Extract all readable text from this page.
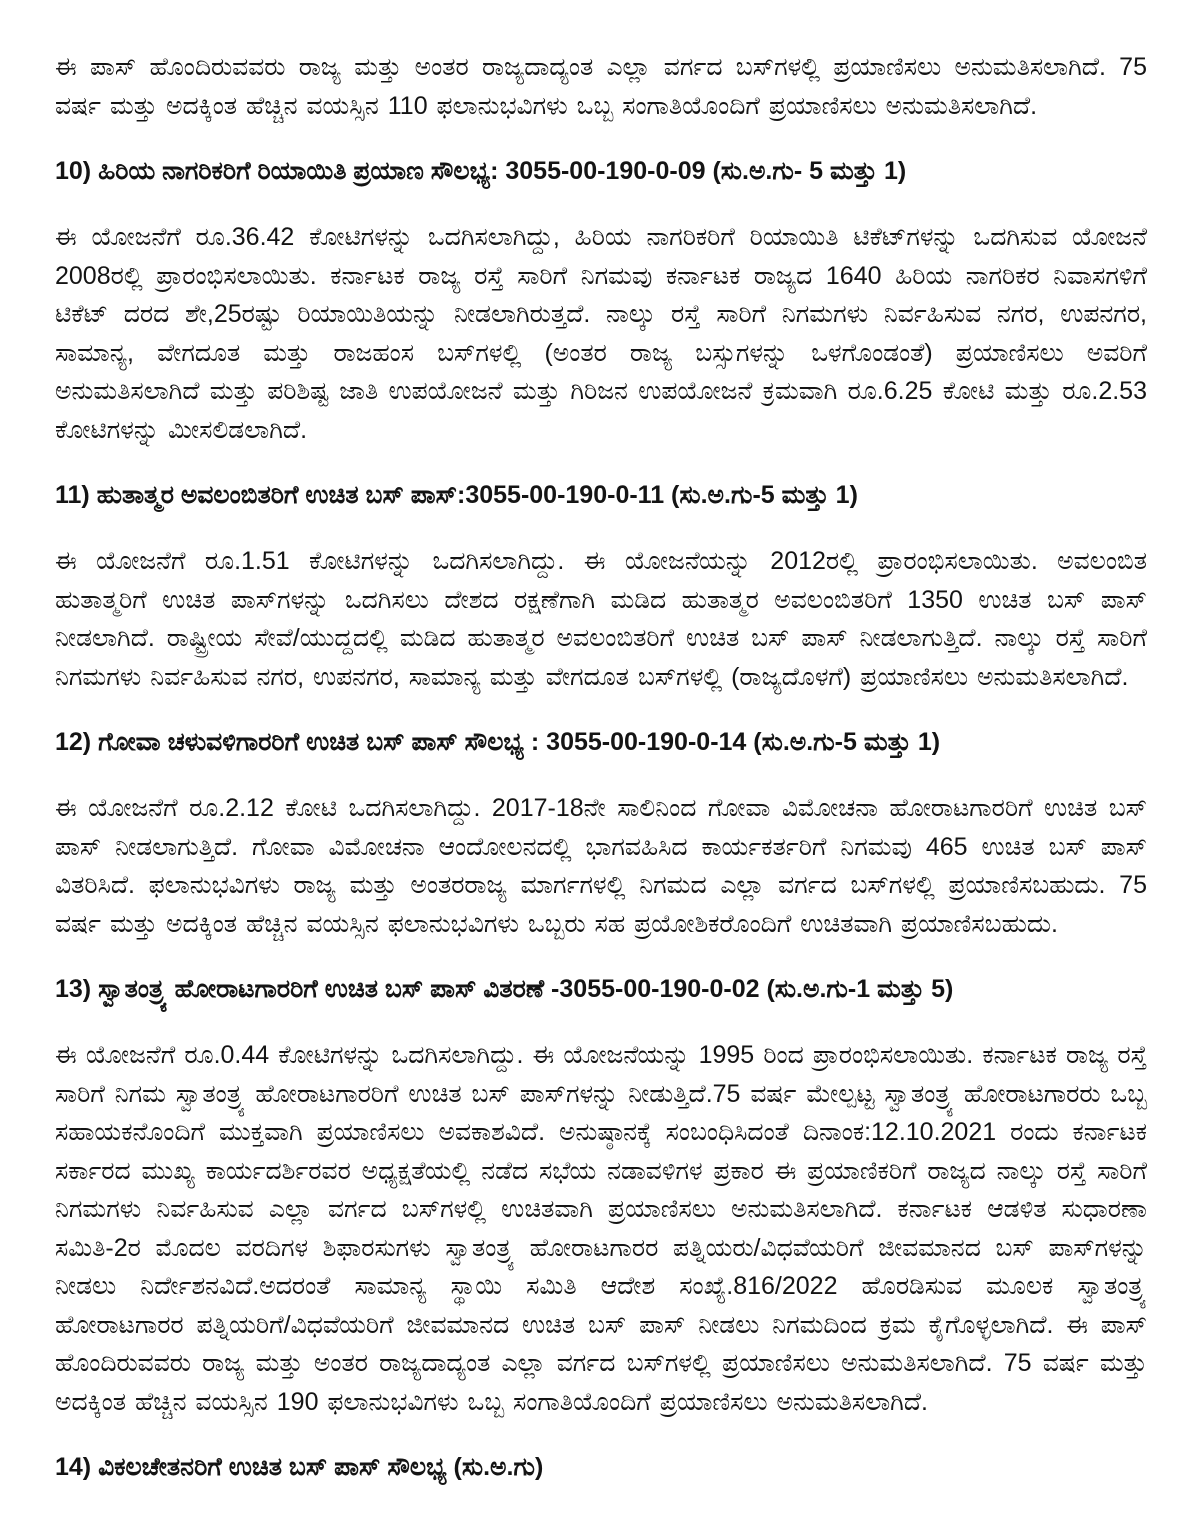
ಈ ಪಾಸ್ ಹೊಂದಿರುವವರು ರಾಜ್ಯ ಮತ್ತು ಅಂತರ ರಾಜ್ಯದಾದ್ಯಂತ ಎಲ್ಲಾ ವರ್ಗದ ಬಸ್‌ಗಳಲ್ಲಿ ಪ್ರಯಾಣಿಸಲು ಅನುಮತಿಸಲಾಗಿದೆ. 75 ವರ್ಷ ಮತ್ತು ಅದಕ್ಕಿಂತ ಹೆಚ್ಚಿನ ವಯಸ್ಸಿನ 110 ಫಲಾನುಭವಿಗಳು ಒಬ್ಬ ಸಂಗಾತಿಯೊಂದಿಗೆ ಪ್ರಯಾಣಿಸಲು ಅನುಮತಿಸಲಾಗಿದೆ.

10) ಹಿರಿಯ ನಾಗರಿಕರಿಗೆ ರಿಯಾಯಿತಿ ಪ್ರಯಾಣ ಸೌಲಭ್ಯ: 3055-00-190-0-09 (ಸು.ಅ.ಗು- 5 ಮತ್ತು 1)

ಈ ಯೋಜನೆಗೆ ರೂ.36.42 ಕೋಟಿಗಳನ್ನು ಒದಗಿಸಲಾಗಿದ್ದು, ಹಿರಿಯ ನಾಗರಿಕರಿಗೆ ರಿಯಾಯಿತಿ ಟಿಕೆಟ್‌ಗಳನ್ನು ಒದಗಿಸುವ ಯೋಜನೆ 2008ರಲ್ಲಿ ಪ್ರಾರಂಭಿಸಲಾಯಿತು. ಕರ್ನಾಟಕ ರಾಜ್ಯ ರಸ್ತೆ ಸಾರಿಗೆ ನಿಗಮವು ಕರ್ನಾಟಕ ರಾಜ್ಯದ 1640 ಹಿರಿಯ ನಾಗರಿಕರ ನಿವಾಸಗಳಿಗೆ ಟಿಕೆಟ್ ದರದ ಶೇ,25ರಷ್ಟು ರಿಯಾಯಿತಿಯನ್ನು ನೀಡಲಾಗಿರುತ್ತದೆ. ನಾಲ್ಕು ರಸ್ತೆ ಸಾರಿಗೆ ನಿಗಮಗಳು ನಿರ್ವಹಿಸುವ ನಗರ, ಉಪನಗರ, ಸಾಮಾನ್ಯ, ವೇಗದೂತ ಮತ್ತು ರಾಜಹಂಸ ಬಸ್‌ಗಳಲ್ಲಿ (ಅಂತರ ರಾಜ್ಯ ಬಸ್ಸುಗಳನ್ನು ಒಳಗೊಂಡಂತೆ) ಪ್ರಯಾಣಿಸಲು ಅವರಿಗೆ ಅನುಮತಿಸಲಾಗಿದೆ ಮತ್ತು ಪರಿಶಿಷ್ಟ ಜಾತಿ ಉಪಯೋಜನೆ ಮತ್ತು ಗಿರಿಜನ ಉಪಯೋಜನೆ ಕ್ರಮವಾಗಿ ರೂ.6.25 ಕೋಟಿ ಮತ್ತು ರೂ.2.53 ಕೋಟಿಗಳನ್ನು ಮೀಸಲಿಡಲಾಗಿದೆ.

11) ಹುತಾತ್ಮರ ಅವಲಂಬಿತರಿಗೆ ಉಚಿತ ಬಸ್ ಪಾಸ್:3055-00-190-0-11 (ಸು.ಅ.ಗು-5 ಮತ್ತು 1)

ಈ ಯೋಜನೆಗೆ ರೂ.1.51 ಕೋಟಿಗಳನ್ನು ಒದಗಿಸಲಾಗಿದ್ದು. ಈ ಯೋಜನೆಯನ್ನು 2012ರಲ್ಲಿ ಪ್ರಾರಂಭಿಸಲಾಯಿತು. ಅವಲಂಬಿತ ಹುತಾತ್ಮರಿಗೆ ಉಚಿತ ಪಾಸ್‌ಗಳನ್ನು ಒದಗಿಸಲು ದೇಶದ ರಕ್ಷಣೆಗಾಗಿ ಮಡಿದ ಹುತಾತ್ಮರ ಅವಲಂಬಿತರಿಗೆ 1350 ಉಚಿತ ಬಸ್ ಪಾಸ್ ನೀಡಲಾಗಿದೆ. ರಾಷ್ಟ್ರೀಯ ಸೇವೆ/ಯುದ್ದದಲ್ಲಿ ಮಡಿದ ಹುತಾತ್ಮರ ಅವಲಂಬಿತರಿಗೆ ಉಚಿತ ಬಸ್ ಪಾಸ್ ನೀಡಲಾಗುತ್ತಿದೆ. ನಾಲ್ಕು ರಸ್ತೆ ಸಾರಿಗೆ ನಿಗಮಗಳು ನಿರ್ವಹಿಸುವ ನಗರ, ಉಪನಗರ, ಸಾಮಾನ್ಯ ಮತ್ತು ವೇಗದೂತ ಬಸ್‌ಗಳಲ್ಲಿ (ರಾಜ್ಯದೊಳಗೆ) ಪ್ರಯಾಣಿಸಲು ಅನುಮತಿಸಲಾಗಿದೆ.

12) ಗೋವಾ ಚಳುವಳಿಗಾರರಿಗೆ ಉಚಿತ ಬಸ್ ಪಾಸ್ ಸೌಲಭ್ಯ : 3055-00-190-0-14 (ಸು.ಅ.ಗು-5 ಮತ್ತು 1)

ಈ ಯೋಜನೆಗೆ ರೂ.2.12 ಕೋಟಿ ಒದಗಿಸಲಾಗಿದ್ದು. 2017-18ನೇ ಸಾಲಿನಿಂದ ಗೋವಾ ವಿಮೋಚನಾ ಹೋರಾಟಗಾರರಿಗೆ ಉಚಿತ ಬಸ್ ಪಾಸ್ ನೀಡಲಾಗುತ್ತಿದೆ. ಗೋವಾ ವಿಮೋಚನಾ ಆಂದೋಲನದಲ್ಲಿ ಭಾಗವಹಿಸಿದ ಕಾರ್ಯಕರ್ತರಿಗೆ ನಿಗಮವು 465 ಉಚಿತ ಬಸ್ ಪಾಸ್ ವಿತರಿಸಿದೆ. ಫಲಾನುಭವಿಗಳು ರಾಜ್ಯ ಮತ್ತು ಅಂತರರಾಜ್ಯ ಮಾರ್ಗಗಳಲ್ಲಿ ನಿಗಮದ ಎಲ್ಲಾ ವರ್ಗದ ಬಸ್‌ಗಳಲ್ಲಿ ಪ್ರಯಾಣಿಸಬಹುದು. 75 ವರ್ಷ ಮತ್ತು ಅದಕ್ಕಿಂತ ಹೆಚ್ಚಿನ ವಯಸ್ಸಿನ ಫಲಾನುಭವಿಗಳು ಒಬ್ಬರು ಸಹ ಪ್ರಯೋಶಿಕರೊಂದಿಗೆ ಉಚಿತವಾಗಿ ಪ್ರಯಾಣಿಸಬಹುದು.

13) ಸ್ವಾತಂತ್ರ್ಯ ಹೋರಾಟಗಾರರಿಗೆ ಉಚಿತ ಬಸ್ ಪಾಸ್ ವಿತರಣೆ -3055-00-190-0-02 (ಸು.ಅ.ಗು-1 ಮತ್ತು 5)

ಈ ಯೋಜನೆಗೆ ರೂ.0.44 ಕೋಟಿಗಳನ್ನು ಒದಗಿಸಲಾಗಿದ್ದು. ಈ ಯೋಜನೆಯನ್ನು 1995 ರಿಂದ ಪ್ರಾರಂಭಿಸಲಾಯಿತು. ಕರ್ನಾಟಕ ರಾಜ್ಯ ರಸ್ತೆ ಸಾರಿಗೆ ನಿಗಮ ಸ್ವಾತಂತ್ರ್ಯ ಹೋರಾಟಗಾರರಿಗೆ ಉಚಿತ ಬಸ್ ಪಾಸ್‌ಗಳನ್ನು ನೀಡುತ್ತಿದೆ.75 ವರ್ಷ ಮೇಲ್ಪಟ್ಟ ಸ್ವಾತಂತ್ರ್ಯ ಹೋರಾಟಗಾರರು ಒಬ್ಬ ಸಹಾಯಕನೊಂದಿಗೆ ಮುಕ್ತವಾಗಿ ಪ್ರಯಾಣಿಸಲು ಅವಕಾಶವಿದೆ. ಅನುಷ್ಠಾನಕ್ಕೆ ಸಂಬಂಧಿಸಿದಂತೆ ದಿನಾಂಕ:12.10.2021 ರಂದು ಕರ್ನಾಟಕ ಸರ್ಕಾರದ ಮುಖ್ಯ ಕಾರ್ಯದರ್ಶಿರವರ ಅಧ್ಯಕ್ಷತೆಯಲ್ಲಿ ನಡೆದ ಸಭೆಯ ನಡಾವಳಿಗಳ ಪ್ರಕಾರ ಈ ಪ್ರಯಾಣಿಕರಿಗೆ ರಾಜ್ಯದ ನಾಲ್ಕು ರಸ್ತೆ ಸಾರಿಗೆ ನಿಗಮಗಳು ನಿರ್ವಹಿಸುವ ಎಲ್ಲಾ ವರ್ಗದ ಬಸ್‌ಗಳಲ್ಲಿ ಉಚಿತವಾಗಿ ಪ್ರಯಾಣಿಸಲು ಅನುಮತಿಸಲಾಗಿದೆ. ಕರ್ನಾಟಕ ಆಡಳಿತ ಸುಧಾರಣಾ ಸಮಿತಿ-2ರ ಮೊದಲ ವರದಿಗಳ ಶಿಫಾರಸುಗಳು ಸ್ವಾತಂತ್ರ್ಯ ಹೋರಾಟಗಾರರ ಪತ್ನಿಯರು/ವಿಧವೆಯರಿಗೆ ಜೀವಮಾನದ ಬಸ್ ಪಾಸ್‌ಗಳನ್ನು ನೀಡಲು ನಿರ್ದೇಶನವಿದೆ.ಅದರಂತೆ ಸಾಮಾನ್ಯ ಸ್ಥಾಯಿ ಸಮಿತಿ ಆದೇಶ ಸಂಖ್ಯೆ.816/2022 ಹೊರಡಿಸುವ ಮೂಲಕ ಸ್ವಾತಂತ್ರ್ಯ ಹೋರಾಟಗಾರರ ಪತ್ನಿಯರಿಗೆ/ವಿಧವೆಯರಿಗೆ ಜೀವಮಾನದ ಉಚಿತ ಬಸ್ ಪಾಸ್ ನೀಡಲು ನಿಗಮದಿಂದ ಕ್ರಮ ಕೈಗೊಳ್ಳಲಾಗಿದೆ. ಈ ಪಾಸ್ ಹೊಂದಿರುವವರು ರಾಜ್ಯ ಮತ್ತು ಅಂತರ ರಾಜ್ಯದಾದ್ಯಂತ ಎಲ್ಲಾ ವರ್ಗದ ಬಸ್‌ಗಳಲ್ಲಿ ಪ್ರಯಾಣಿಸಲು ಅನುಮತಿಸಲಾಗಿದೆ. 75 ವರ್ಷ ಮತ್ತು ಅದಕ್ಕಿಂತ ಹೆಚ್ಚಿನ ವಯಸ್ಸಿನ 190 ಫಲಾನುಭವಿಗಳು ಒಬ್ಬ ಸಂಗಾತಿಯೊಂದಿಗೆ ಪ್ರಯಾಣಿಸಲು ಅನುಮತಿಸಲಾಗಿದೆ.

14) ವಿಕಲಚೇತನರಿಗೆ ಉಚಿತ ಬಸ್ ಪಾಸ್ ಸೌಲಭ್ಯ (ಸು.ಅ.ಗು)
